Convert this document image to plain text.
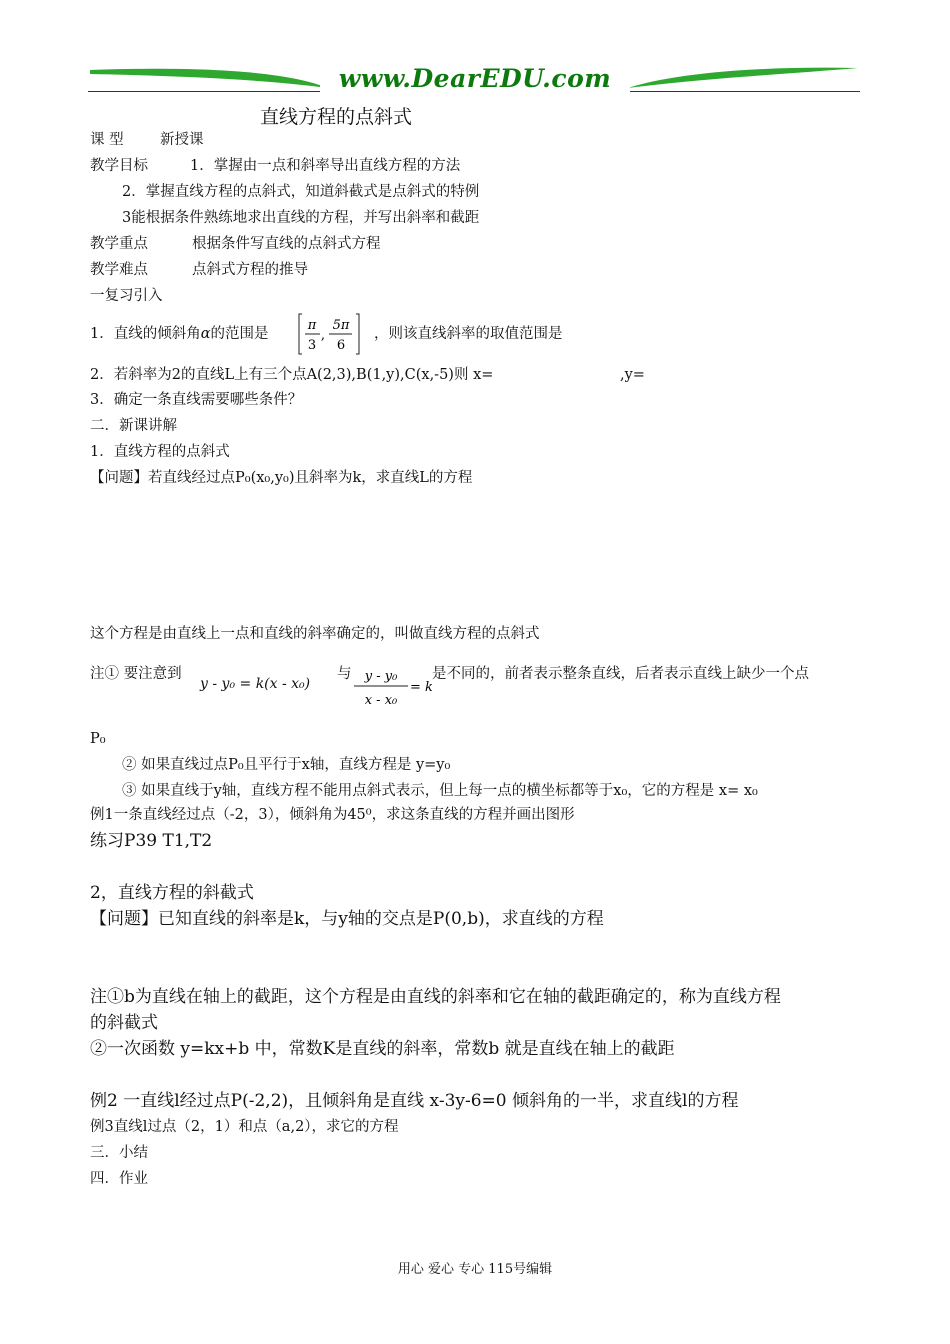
www.DearEDU.com
直线方程的点斜式
课 型	新授课
教学目标	1．掌握由一点和斜率导出直线方程的方法
2．掌握直线方程的点斜式，知道斜截式是点斜式的特例
3能根据条件熟练地求出直线的方程，并写出斜率和截距
教学重点	根据条件写直线的点斜式方程
教学难点	点斜式方程的推导
一复习引入
1．直线的倾斜角α的范围是
π
3
,
5π
6
，则该直线斜率的取值范围是
2．若斜率为2的直线L上有三个点A(2,3),B(1,y),C(x,-5)则 x=	,y=
3．确定一条直线需要哪些条件？
二．新课讲解
1．直线方程的点斜式
【问题】若直线经过点P₀(x₀,y₀)且斜率为k，求直线L的方程
这个方程是由直线上一点和直线的斜率确定的，叫做直线方程的点斜式
注① 要注意到
y - y₀ = k(x - x₀)
与 y - y₀
x - x₀
= k
是不同的，前者表示整条直线，后者表示直线上缺少一个点
P₀
② 如果直线过点P₀且平行于x轴，直线方程是 y=y₀
③ 如果直线于y轴，直线方程不能用点斜式表示，但上每一点的横坐标都等于x₀，它的方程是 x= x₀
例1一条直线经过点（-2，3），倾斜角为45⁰，求这条直线的方程并画出图形
练习P39 T1,T2
2，直线方程的斜截式
【问题】已知直线的斜率是k，与y轴的交点是P(0,b)，求直线的方程
注①b为直线在轴上的截距，这个方程是由直线的斜率和它在轴的截距确定的，称为直线方程
的斜截式
②一次函数 y=kx+b 中，常数K是直线的斜率，常数b 就是直线在轴上的截距
例2 一直线l经过点P(-2,2)，且倾斜角是直线 x-3y-6=0 倾斜角的一半，求直线l的方程
例3直线l过点（2，1）和点（a,2），求它的方程
三．小结
四．作业
用心 爱心 专心 115号编辑
